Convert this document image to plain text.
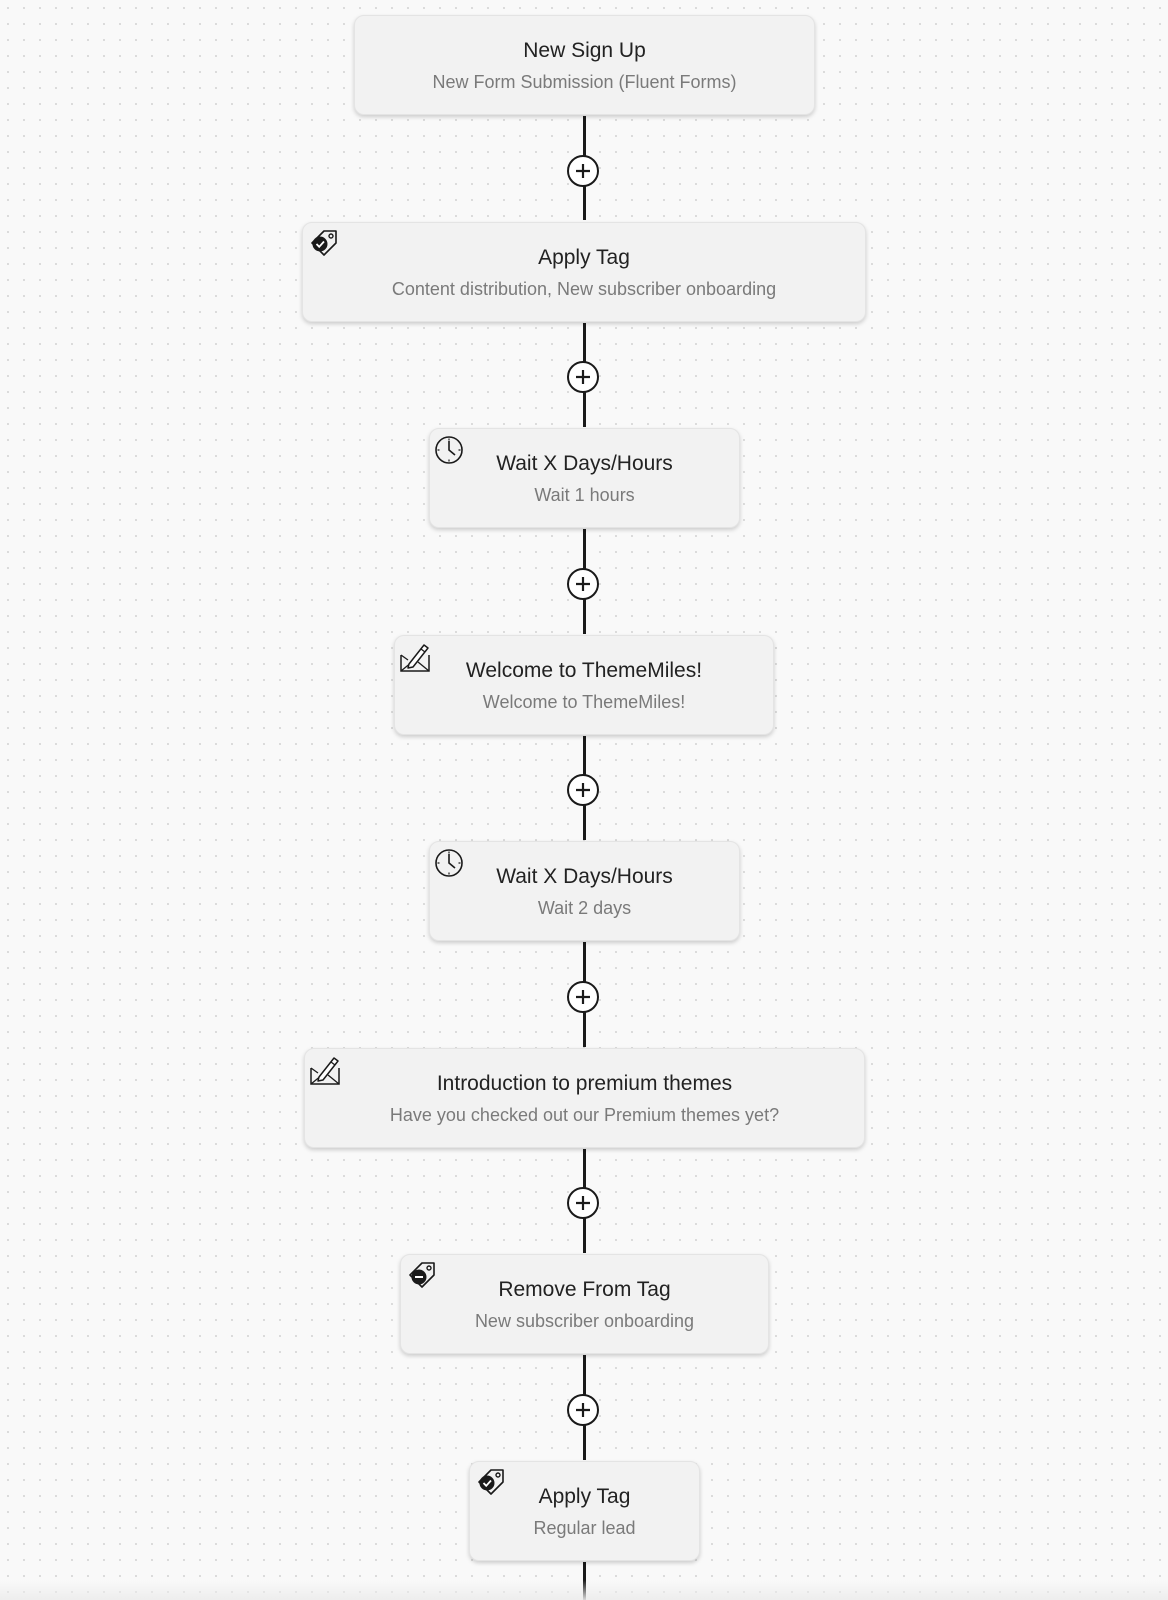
New Sign Up
New Form Submission (Fluent Forms)
Apply Tag
Content distribution, New subscriber onboarding
Wait X Days/Hours
Wait 1 hours
Welcome to ThemeMiles!
Welcome to ThemeMiles!
Wait X Days/Hours
Wait 2 days
Introduction to premium themes
Have you checked out our Premium themes yet?
Remove From Tag
New subscriber onboarding
Apply Tag
Regular lead
